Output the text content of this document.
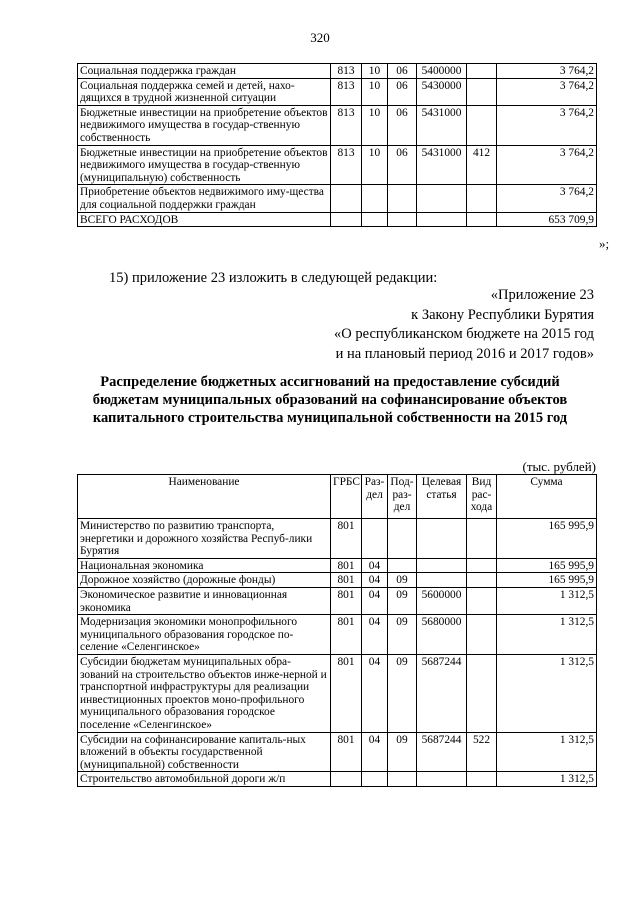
320
Социальная поддержка граждан	813	10	06	5400000		3 764,2
Социальная поддержка семей и детей, нахо-дящихся в трудной жизненной ситуации	813	10	06	5430000		3 764,2
Бюджетные инвестиции на приобретение объектов недвижимого имущества в государ-ственную собственность	813	10	06	5431000		3 764,2
Бюджетные инвестиции на приобретение объектов недвижимого имущества в государ-ственную (муниципальную) собственность	813	10	06	5431000	412	3 764,2
Приобретение объектов недвижимого иму-щества для социальной поддержки граждан						3 764,2
ВСЕГО РАСХОДОВ						653 709,9
»;
15) приложение 23 изложить в следующей редакции:
«Приложение 23
к Закону Республики Бурятия
«О республиканском бюджете на 2015 год
и на плановый период 2016 и 2017 годов»
Распределение бюджетных ассигнований на предоставление субсидий
бюджетам муниципальных образований на софинансирование объектов
капитального строительства муниципальной собственности на 2015 год
(тыс. рублей)
Наименование	ГРБС	Раз-дел	Под-раз-дел	Целевая статья	Вид рас-хода	Сумма
Министерство по развитию транспорта, энергетики и дорожного хозяйства Респуб-лики Бурятия	801					165 995,9
Национальная экономика	801	04				165 995,9
Дорожное хозяйство (дорожные фонды)	801	04	09			165 995,9
Экономическое развитие и инновационная экономика	801	04	09	5600000		1 312,5
Модернизация экономики монопрофильного муниципального образования городское по-селение «Селенгинское»	801	04	09	5680000		1 312,5
Субсидии бюджетам муниципальных обра-зований на строительство объектов инже-нерной и транспортной инфраструктуры для реализации инвестиционных проектов моно-профильного муниципального образования городское поселение «Селенгинское»	801	04	09	5687244		1 312,5
Субсидии на софинансирование капиталь-ных вложений в объекты государственной (муниципальной) собственности	801	04	09	5687244	522	1 312,5
Строительство автомобильной дороги ж/п						1 312,5
